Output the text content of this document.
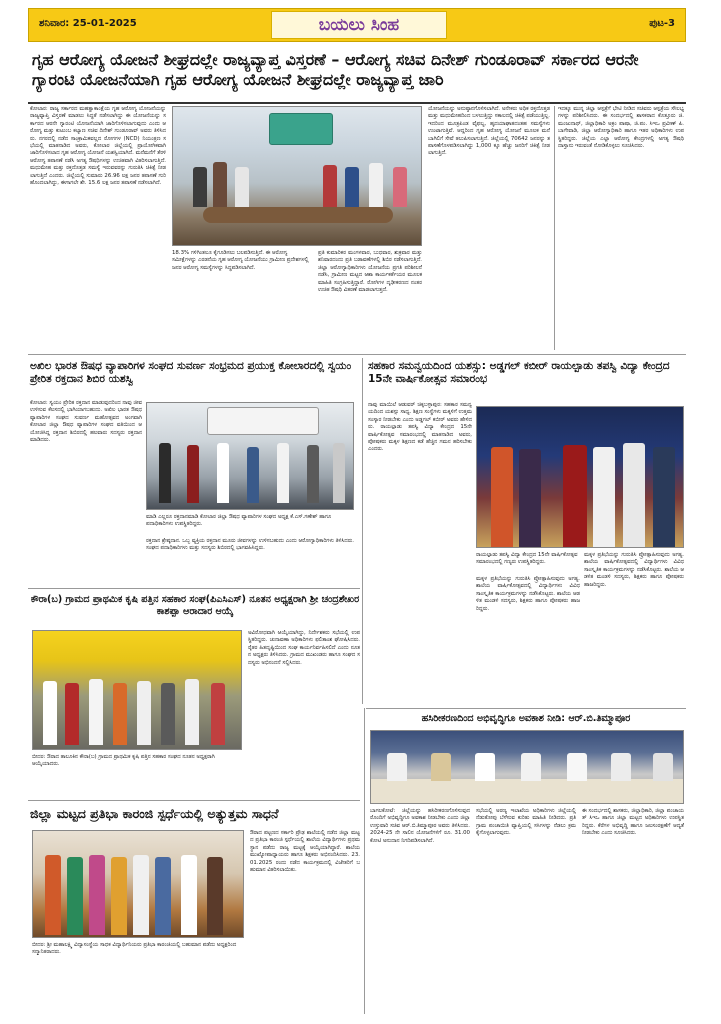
ಶನಿವಾರ: 25-01-2025	ಬಯಲು ಸಿಂಹ	ಪುಟ-3
ಗೃಹ ಆರೋಗ್ಯ ಯೋಜನೆ ಶೀಘ್ರದಲ್ಲೇ ರಾಜ್ಯವ್ಯಾಪ್ತ ವಿಸ್ತರಣೆ – ಆರೋಗ್ಯ ಸಚಿವ ದಿನೇಶ್ ಗುಂಡೂರಾವ್ ಸರ್ಕಾರದ ಆರನೇ ಗ್ಯಾರಂಟಿ ಯೋಜನೆಯಾಗಿ ಗೃಹ ಆರೋಗ್ಯ ಯೋಜನೆ ಶೀಘ್ರದಲ್ಲೇ ರಾಜ್ಯವ್ಯಾಪ್ತ ಜಾರಿ

ಕೋಲಾರ: ರಾಜ್ಯ ಸರ್ಕಾರದ ಮಹತ್ವಾಕಾಂಕ್ಷೆಯ ಗೃಹ ಆರೋಗ್ಯ ಯೋಜನೆಯನ್ನು ರಾಜ್ಯವ್ಯಾಪ್ತಿ ವಿಸ್ತರಣೆ ಮಾಡಲು ಸಿದ್ಧತೆ ನಡೆಸಲಾಗಿದ್ದು ಈ ಯೋಜನೆಯನ್ನು ಸರ್ಕಾರದ ಆರನೇ ಗ್ಯಾರಂಟಿ ಯೋಜನೆಯಾಗಿ ಜಾರಿಗೊಳಿಸಲಾಗುವುದು ಎಂದು ಆರೋಗ್ಯ ಮತ್ತು ಕುಟುಂಬ ಕಲ್ಯಾಣ ಸಚಿವ ದಿನೇಶ್ ಗುಂಡೂರಾವ್ ಅವರು ತಿಳಿಸಿದರು. ನಗರದಲ್ಲಿ ನಡೆದ ಸಾಂಕ್ರಾಮಿಕವಲ್ಲದ ರೋಗಗಳ (NCD) ನಿಯಂತ್ರಣ ಸಭೆಯಲ್ಲಿ ಮಾತನಾಡಿದ ಅವರು, ಕೋಲಾರ ಜಿಲ್ಲೆಯಲ್ಲಿ ಪ್ರಾಯೋಗಿಕವಾಗಿ ಜಾರಿಗೊಳಿಸಲಾದ ಗೃಹ ಆರೋಗ್ಯ ಯೋಜನೆ ಯಶಸ್ವಿಯಾಗಿದೆ. ಮನೆಮನೆಗೆ ತೆರಳಿ ಆರೋಗ್ಯ ತಪಾಸಣೆ ನಡೆಸಿ ಅಗತ್ಯ ಔಷಧಿಗಳನ್ನು ಉಚಿತವಾಗಿ ವಿತರಿಸಲಾಗುತ್ತಿದೆ. ಮಧುಮೇಹ ಮತ್ತು ರಕ್ತದೊತ್ತಡ ಸಮಸ್ಯೆ ಇರುವವರನ್ನು ಗುರುತಿಸಿ ಚಿಕಿತ್ಸೆ ನೀಡಲಾಗುತ್ತಿದೆ ಎಂದರು. ಜಿಲ್ಲೆಯಲ್ಲಿ ಸುಮಾರು 26.96 ಲಕ್ಷ ಜನರ ತಪಾಸಣೆ ಗುರಿ ಹೊಂದಲಾಗಿದ್ದು, ಈಗಾಗಲೇ ಶೇ. 15.6 ಲಕ್ಷ ಜನರ ತಪಾಸಣೆ ನಡೆಸಲಾಗಿದೆ.

18.3% ಗಳಿಗಿಂತಲೂ ಕೈಗೂಡಿಸಲು ಬಲಪಡಿಸುತ್ತಿದೆ. ಈ ಆರೋಗ್ಯ ಸಮೀಕ್ಷೆಗಳನ್ನು ಎರಡನೆಯ ಗೃಹ ಆರೋಗ್ಯ ಯೋಜನೆಯು ಗ್ರಾಮೀಣ ಪ್ರದೇಶಗಳಲ್ಲಿ ಜನರ ಆರೋಗ್ಯ ಸಮಸ್ಯೆಗಳನ್ನು ಸಿದ್ಧಪಡಿಸಲಾಗಿದೆ.

ಪ್ರತಿ ಕುಮಾರಿಕರ ಮಂಗಳವಾರ, ಬುಧವಾರ, ಶುಕ್ರವಾರ ಮತ್ತು ಶನಿವಾರದಂದು ಪ್ರತಿ ಬಡಾವಣೆಗಳಲ್ಲಿ ಶಿಬಿರ ನಡೆಸಲಾಗುತ್ತಿದೆ. ಜಿಲ್ಲಾ ಆರೋಗ್ಯಾಧಿಕಾರಿಗಳು ಯೋಜನೆಯ ಪ್ರಗತಿ ಪರಿಶೀಲನೆ ನಡೆಸಿ, ಗ್ರಾಮೀಣ ಮಟ್ಟದ ಆಶಾ ಕಾರ್ಯಕರ್ತೆಯರ ಮೂಲಕ ಮಾಹಿತಿ ಸಂಗ್ರಹಿಸುತ್ತಿದ್ದಾರೆ. ರೋಗಿಗಳ ದೃಢೀಕರಣದ ನಂತರ ಉಚಿತ ಔಷಧಿ ವಿತರಣೆ ಮಾಡಲಾಗುತ್ತದೆ.

ಯೋಜನೆಯನ್ನು ಅನುಷ್ಠಾನಗೊಳಿಸಲಾಗಿದೆ. ಅನೇಕರು ಅಧಿಕ ರಕ್ತದೊತ್ತಡ ಮತ್ತು ಮಧುಮೇಹದಿಂದ ಬಳಲುತ್ತಿದ್ದು ಸಕಾಲದಲ್ಲಿ ಚಿಕಿತ್ಸೆ ಪಡೆಯುತ್ತಿಲ್ಲ. ಇದರಿಂದ ಮೂತ್ರಪಿಂಡ ವೈಫಲ್ಯ, ಹೃದಯಾಘಾತದಂತಹ ಸಮಸ್ಯೆಗಳು ಉಂಟಾಗುತ್ತಿವೆ. ಆದ್ದರಿಂದ ಗೃಹ ಆರೋಗ್ಯ ಯೋಜನೆ ಮೂಲಕ ಮನೆ ಬಾಗಿಲಿಗೆ ಸೇವೆ ತಲುಪಿಸಲಾಗುತ್ತಿದೆ. ಜಿಲ್ಲೆಯಲ್ಲಿ 70642 ಜನರನ್ನು ತಪಾಸಣೆಗೊಳಪಡಿಸಲಾಗಿದ್ದು 1,000 ಕ್ಕೂ ಹೆಚ್ಚು ಜನರಿಗೆ ಚಿಕಿತ್ಸೆ ನೀಡಲಾಗುತ್ತಿದೆ.

ಇದಕ್ಕೂ ಮುನ್ನ ಜಿಲ್ಲಾ ಆಸ್ಪತ್ರೆಗೆ ಭೇಟಿ ನೀಡಿದ ಸಚಿವರು ಆಸ್ಪತ್ರೆಯ ಸೌಲಭ್ಯಗಳನ್ನು ಪರಿಶೀಲಿಸಿದರು. ಈ ಸಂದರ್ಭದಲ್ಲಿ ಶಾಸಕರಾದ ಕೊತ್ತೂರು ಜಿ. ಮಂಜುನಾಥ್, ಜಿಲ್ಲಾಧಿಕಾರಿ ಅಕ್ರಂ ಪಾಷಾ, ಜಿ.ಪಂ. ಸಿಇಒ ಪ್ರವೀಣ್ ಪಿ. ಬಾಗೇವಾಡಿ, ಜಿಲ್ಲಾ ಆರೋಗ್ಯಾಧಿಕಾರಿ ಹಾಗೂ ಇತರ ಅಧಿಕಾರಿಗಳು ಉಪಸ್ಥಿತರಿದ್ದರು. ಜಿಲ್ಲೆಯ ಎಲ್ಲಾ ಆರೋಗ್ಯ ಕೇಂದ್ರಗಳಲ್ಲಿ ಅಗತ್ಯ ಔಷಧಿ ದಾಸ್ತಾನು ಇರುವಂತೆ ನೋಡಿಕೊಳ್ಳಲು ಸೂಚಿಸಿದರು.

ಅಖಿಲ ಭಾರತ ಔಷಧ ವ್ಯಾಪಾರಿಗಳ ಸಂಘದ ಸುವರ್ಣ ಸಂಭ್ರಮದ ಪ್ರಯುಕ್ತ ಕೋಲಾರದಲ್ಲಿ ಸ್ವಯಂ ಪ್ರೇರಿತ ರಕ್ತದಾನ ಶಿಬಿರ ಯಶಸ್ವಿ

ಕೋಲಾರ: ಸ್ವಯಂ ಪ್ರೇರಿತ ರಕ್ತದಾನ ಮಾಡುವುದರಿಂದ ನಾವು ಜೀವ ಉಳಿಸುವ ಕೆಲಸದಲ್ಲಿ ಭಾಗಿಯಾಗಬಹುದು. ಅಖಿಲ ಭಾರತ ಔಷಧ ವ್ಯಾಪಾರಿಗಳ ಸಂಘದ ಸುವರ್ಣ ಮಹೋತ್ಸವದ ಅಂಗವಾಗಿ ಕೋಲಾರ ಜಿಲ್ಲಾ ಔಷಧ ವ್ಯಾಪಾರಿಗಳ ಸಂಘದ ವತಿಯಿಂದ ಆಯೋಜಿಸಿದ್ದ ರಕ್ತದಾನ ಶಿಬಿರದಲ್ಲಿ ಹಲವಾರು ಸದಸ್ಯರು ರಕ್ತದಾನ ಮಾಡಿದರು.

ಮಾಡಿ ಎಲ್ಲರೂ ರಕ್ತದಾನಮಾಡಿ ಕೋಲಾರ ಜಿಲ್ಲಾ ಔಷಧ ವ್ಯಾಪಾರಿಗಳ ಸಂಘದ ಅಧ್ಯಕ್ಷ ಕೆ.ಎಸ್.ಗಣೇಶ್ ಹಾಗೂ ಪದಾಧಿಕಾರಿಗಳು ಉಪಸ್ಥಿತರಿದ್ದರು.

ರಕ್ತದಾನ ಶ್ರೇಷ್ಠದಾನ. ಒಬ್ಬ ವ್ಯಕ್ತಿಯ ರಕ್ತದಾನ ಮೂರು ಜೀವಗಳನ್ನು ಉಳಿಸಬಹುದು ಎಂದು ಆರೋಗ್ಯಾಧಿಕಾರಿಗಳು ತಿಳಿಸಿದರು. ಸಂಘದ ಪದಾಧಿಕಾರಿಗಳು ಮತ್ತು ಸದಸ್ಯರು ಶಿಬಿರದಲ್ಲಿ ಭಾಗವಹಿಸಿದ್ದರು.

ಸಹಕಾರ ಸಮನ್ವಯದಿಂದ ಯಶಸ್ಸು: ಅಡ್ಡಗಲ್ ಕಬೀರ್ ರಾಯಲ್ಪಾಡು ತಪಸ್ವಿ ವಿದ್ಯಾ ಕೇಂದ್ರದ 15ನೇ ವಾರ್ಷಿಕೋತ್ಸವ ಸಮಾರಂಭ

ನಾವು ಮಾಯಿಲೆ ಆಡುವರ್ ಚಿಕ್ಕಬಳ್ಳಾಪುರ: ಸಹಕಾರ ಸಮನ್ವಯದಿಂದ ಯಶಸ್ಸು ಸಾಧ್ಯ. ಶಿಕ್ಷಣ ಸಂಸ್ಥೆಗಳು ಮಕ್ಕಳಿಗೆ ಉತ್ತಮ ಸಂಸ್ಕಾರ ನೀಡಬೇಕು ಎಂದು ಅಡ್ಡಗಲ್ ಕಬೀರ್ ಅವರು ಹೇಳಿದರು. ರಾಯಲ್ಪಾಡು ತಪಸ್ವಿ ವಿದ್ಯಾ ಕೇಂದ್ರದ 15ನೇ ವಾರ್ಷಿಕೋತ್ಸವ ಸಮಾರಂಭದಲ್ಲಿ ಮಾತನಾಡಿದ ಅವರು, ಪೋಷಕರು ಮಕ್ಕಳ ಶಿಕ್ಷಣದ ಕಡೆ ಹೆಚ್ಚಿನ ಗಮನ ಹರಿಸಬೇಕು ಎಂದರು.

ರಾಯಲ್ಪಾಡು ತಪಸ್ವಿ ವಿದ್ಯಾ ಕೇಂದ್ರದ 15ನೇ ವಾರ್ಷಿಕೋತ್ಸವ ಸಮಾರಂಭದಲ್ಲಿ ಗಣ್ಯರು ಉಪಸ್ಥಿತರಿದ್ದರು.

ಮಕ್ಕಳ ಪ್ರತಿಭೆಯನ್ನು ಗುರುತಿಸಿ ಪ್ರೋತ್ಸಾಹಿಸುವುದು ಅಗತ್ಯ. ಶಾಲೆಯ ವಾರ್ಷಿಕೋತ್ಸವದಲ್ಲಿ ವಿದ್ಯಾರ್ಥಿಗಳು ವಿವಿಧ ಸಾಂಸ್ಕೃತಿಕ ಕಾರ್ಯಕ್ರಮಗಳನ್ನು ನಡೆಸಿಕೊಟ್ಟರು. ಶಾಲೆಯ ಆಡಳಿತ ಮಂಡಳಿ ಸದಸ್ಯರು, ಶಿಕ್ಷಕರು ಹಾಗೂ ಪೋಷಕರು ಹಾಜರಿದ್ದರು.

ಮಕ್ಕಳ ಪ್ರತಿಭೆಯನ್ನು ಗುರುತಿಸಿ ಪ್ರೋತ್ಸಾಹಿಸುವುದು ಅಗತ್ಯ. ಶಾಲೆಯ ವಾರ್ಷಿಕೋತ್ಸವದಲ್ಲಿ ವಿದ್ಯಾರ್ಥಿಗಳು ವಿವಿಧ ಸಾಂಸ್ಕೃತಿಕ ಕಾರ್ಯಕ್ರಮಗಳನ್ನು ನಡೆಸಿಕೊಟ್ಟರು. ಶಾಲೆಯ ಆಡಳಿತ ಮಂಡಳಿ ಸದಸ್ಯರು, ಶಿಕ್ಷಕರು ಹಾಗೂ ಪೋಷಕರು ಹಾಜರಿದ್ದರು.

ಕೌರಾ(ಬ) ಗ್ರಾಮದ ಪ್ರಾಥಮಿಕ ಕೃಷಿ ಪತ್ತಿನ ಸಹಕಾರ ಸಂಘ(ಪಿಎಸಿಎಸ್) ನೂತನ ಅಧ್ಯಕ್ಷರಾಗಿ ಶ್ರೀ ಚಂದ್ರಶೇಖರ ಕಾಶಪ್ಪಾ ಆರಾದಾರ ಆಯ್ಕೆ
ಬೀದರ: ಔರಾದ ತಾಲೂಕಿನ ಕೌರಾ(ಬ) ಗ್ರಾಮದ ಪ್ರಾಥಮಿಕ ಕೃಷಿ ಪತ್ತಿನ ಸಹಕಾರ ಸಂಘದ ನೂತನ ಅಧ್ಯಕ್ಷರಾಗಿ ಆಯ್ಕೆಯಾದರು.

ಅವಿರೋಧವಾಗಿ ಆಯ್ಕೆಯಾಗಿದ್ದು, ನಿರ್ದೇಶಕರು ಸಭೆಯಲ್ಲಿ ಉಪಸ್ಥಿತರಿದ್ದರು. ಚುನಾವಣಾ ಅಧಿಕಾರಿಗಳು ಫಲಿತಾಂಶ ಘೋಷಿಸಿದರು. ರೈತರ ಹಿತದೃಷ್ಟಿಯಿಂದ ಸಂಘ ಕಾರ್ಯನಿರ್ವಹಿಸಲಿದೆ ಎಂದು ನೂತನ ಅಧ್ಯಕ್ಷರು ತಿಳಿಸಿದರು. ಗ್ರಾಮದ ಮುಖಂಡರು ಹಾಗೂ ಸಂಘದ ಸದಸ್ಯರು ಅಭಿನಂದನೆ ಸಲ್ಲಿಸಿದರು.

ಹಸಿರೀಕರಣದಿಂದ ಅಭಿವೃದ್ಧಿಗೂ ಅವಕಾಶ ನೀಡಿ: ಆರ್.ಬಿ.ತಿಮ್ಮಾಪೂರ

ಬಾಗಲಕೋಟೆ: ಜಿಲ್ಲೆಯನ್ನು ಹಸಿರೀಕರಣಗೊಳಿಸುವುದರೊಂದಿಗೆ ಅಭಿವೃದ್ಧಿಗೂ ಅವಕಾಶ ನೀಡಬೇಕು ಎಂದು ಜಿಲ್ಲಾ ಉಸ್ತುವಾರಿ ಸಚಿವ ಆರ್.ಬಿ.ತಿಮ್ಮಾಪೂರ ಅವರು ತಿಳಿಸಿದರು. 2024-25 ನೇ ಸಾಲಿನ ಯೋಜನೆಗಳಿಗೆ ರೂ. 31.00 ಕೋಟಿ ಅನುದಾನ ನಿಗದಿಪಡಿಸಲಾಗಿದೆ.

ಸಭೆಯಲ್ಲಿ ಅರಣ್ಯ ಇಲಾಖೆಯ ಅಧಿಕಾರಿಗಳು ಜಿಲ್ಲೆಯಲ್ಲಿ ನೆಡುತೋಪು ಬೆಳೆಸುವ ಕುರಿತು ಮಾಹಿತಿ ನೀಡಿದರು. ಪ್ರತಿ ಗ್ರಾಮ ಪಂಚಾಯಿತಿ ವ್ಯಾಪ್ತಿಯಲ್ಲಿ ಸಸಿಗಳನ್ನು ನೆಡಲು ಕ್ರಮ ಕೈಗೊಳ್ಳಲಾಗುವುದು.

ಈ ಸಂದರ್ಭದಲ್ಲಿ ಶಾಸಕರು, ಜಿಲ್ಲಾಧಿಕಾರಿ, ಜಿಲ್ಲಾ ಪಂಚಾಯತ್ ಸಿಇಒ ಹಾಗೂ ಜಿಲ್ಲಾ ಮಟ್ಟದ ಅಧಿಕಾರಿಗಳು ಉಪಸ್ಥಿತರಿದ್ದರು. ಕೆರೆಗಳ ಅಭಿವೃದ್ಧಿ ಹಾಗೂ ಜಲಸಂರಕ್ಷಣೆಗೆ ಆದ್ಯತೆ ನೀಡಬೇಕು ಎಂದು ಸೂಚಿಸಿದರು.

ಜಿಲ್ಲಾ ಮಟ್ಟದ ಪ್ರತಿಭಾ ಕಾರಂಜಿ ಸ್ಪರ್ಧೆಯಲ್ಲಿ ಅತ್ಯುತ್ತಮ ಸಾಧನೆ
ಬೀದರ: ಶ್ರೀ ಮಹಾಲಕ್ಷ್ಮಿ ವಿದ್ಯಾಸಂಸ್ಥೆಯ ಸಾಧಕ ವಿದ್ಯಾರ್ಥಿನಿಯರು ಪ್ರತಿಭಾ ಕಾರಂಜಿಯಲ್ಲಿ ಬಹುಮಾನ ಪಡೆದು ಅಧ್ಯಕ್ಷರಿಂದ ಸನ್ಮಾನಿತರಾದರು.

ಔರಾದ ಪಟ್ಟಣದ ಸರ್ಕಾರಿ ಪ್ರೌಢ ಶಾಲೆಯಲ್ಲಿ ನಡೆದ ಜಿಲ್ಲಾ ಮಟ್ಟದ ಪ್ರತಿಭಾ ಕಾರಂಜಿ ಸ್ಪರ್ಧೆಯಲ್ಲಿ ಶಾಲೆಯ ವಿದ್ಯಾರ್ಥಿಗಳು ಪ್ರಥಮ ಸ್ಥಾನ ಪಡೆದು ರಾಜ್ಯ ಮಟ್ಟಕ್ಕೆ ಆಯ್ಕೆಯಾಗಿದ್ದಾರೆ. ಶಾಲೆಯ ಮುಖ್ಯೋಪಾಧ್ಯಾಯರು ಹಾಗೂ ಶಿಕ್ಷಕರು ಅಭಿನಂದಿಸಿದರು. 23.01.2025 ರಂದು ನಡೆದ ಕಾರ್ಯಕ್ರಮದಲ್ಲಿ ವಿಜೇತರಿಗೆ ಬಹುಮಾನ ವಿತರಿಸಲಾಯಿತು.
